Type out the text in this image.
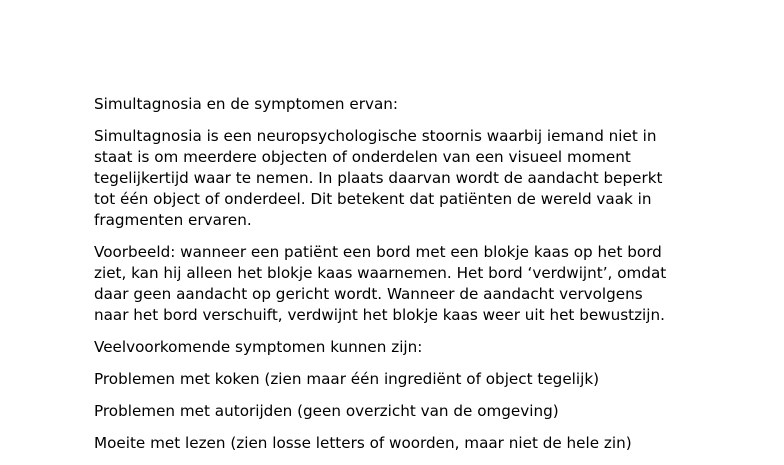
Simultagnosia en de symptomen ervan:

Simultagnosia is een neuropsychologische stoornis waarbij iemand niet in
staat is om meerdere objecten of onderdelen van een visueel moment
tegelijkertijd waar te nemen. In plaats daarvan wordt de aandacht beperkt
tot één object of onderdeel. Dit betekent dat patiënten de wereld vaak in
fragmenten ervaren.

Voorbeeld: wanneer een patiënt een bord met een blokje kaas op het bord
ziet, kan hij alleen het blokje kaas waarnemen. Het bord ‘verdwijnt’, omdat
daar geen aandacht op gericht wordt. Wanneer de aandacht vervolgens
naar het bord verschuift, verdwijnt het blokje kaas weer uit het bewustzijn.

Veelvoorkomende symptomen kunnen zijn:

Problemen met koken (zien maar één ingrediënt of object tegelijk)

Problemen met autorijden (geen overzicht van de omgeving)

Moeite met lezen (zien losse letters of woorden, maar niet de hele zin)
